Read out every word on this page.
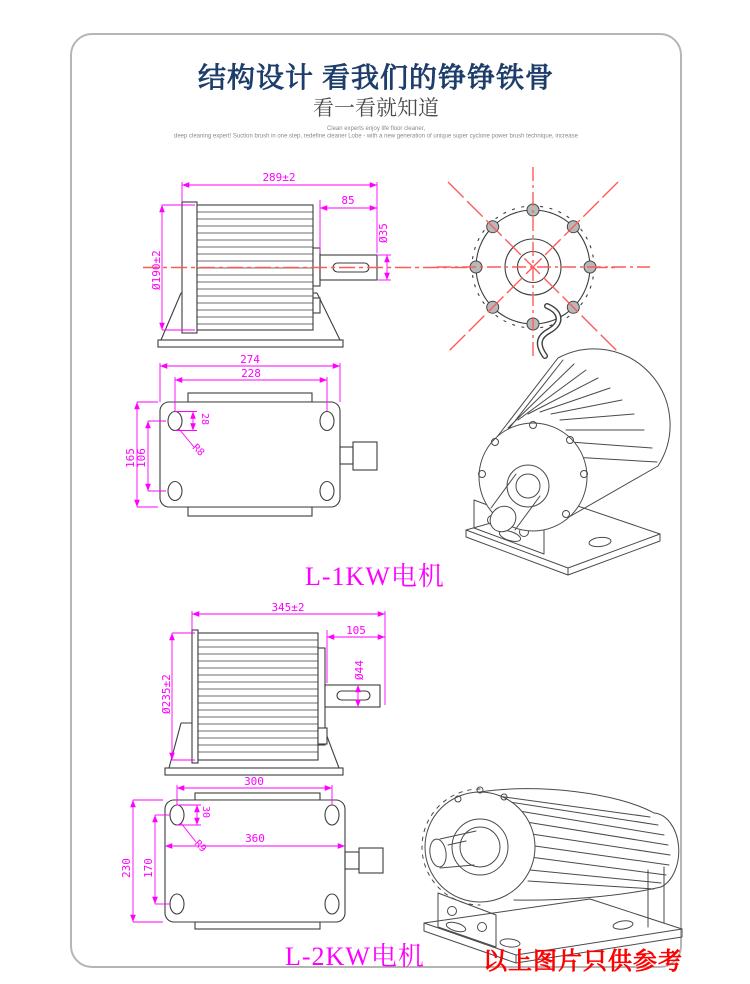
结构设计 看我们的铮铮铁骨
看一看就知道
Clean experts enjoy life floor cleaner,
deep cleaning expert! Suction brush in one step, redefine cleaner Lobe - with a new generation of unique super cyclone power brush technique, increase
289±2
85
Ø35
Ø190±2
274
228
165
106
28
R8
L-1KW电机
345±2
105
Ø44
Ø235±2
300
360
230 170
30
R9
L-2KW电机 以上图片只供参考
